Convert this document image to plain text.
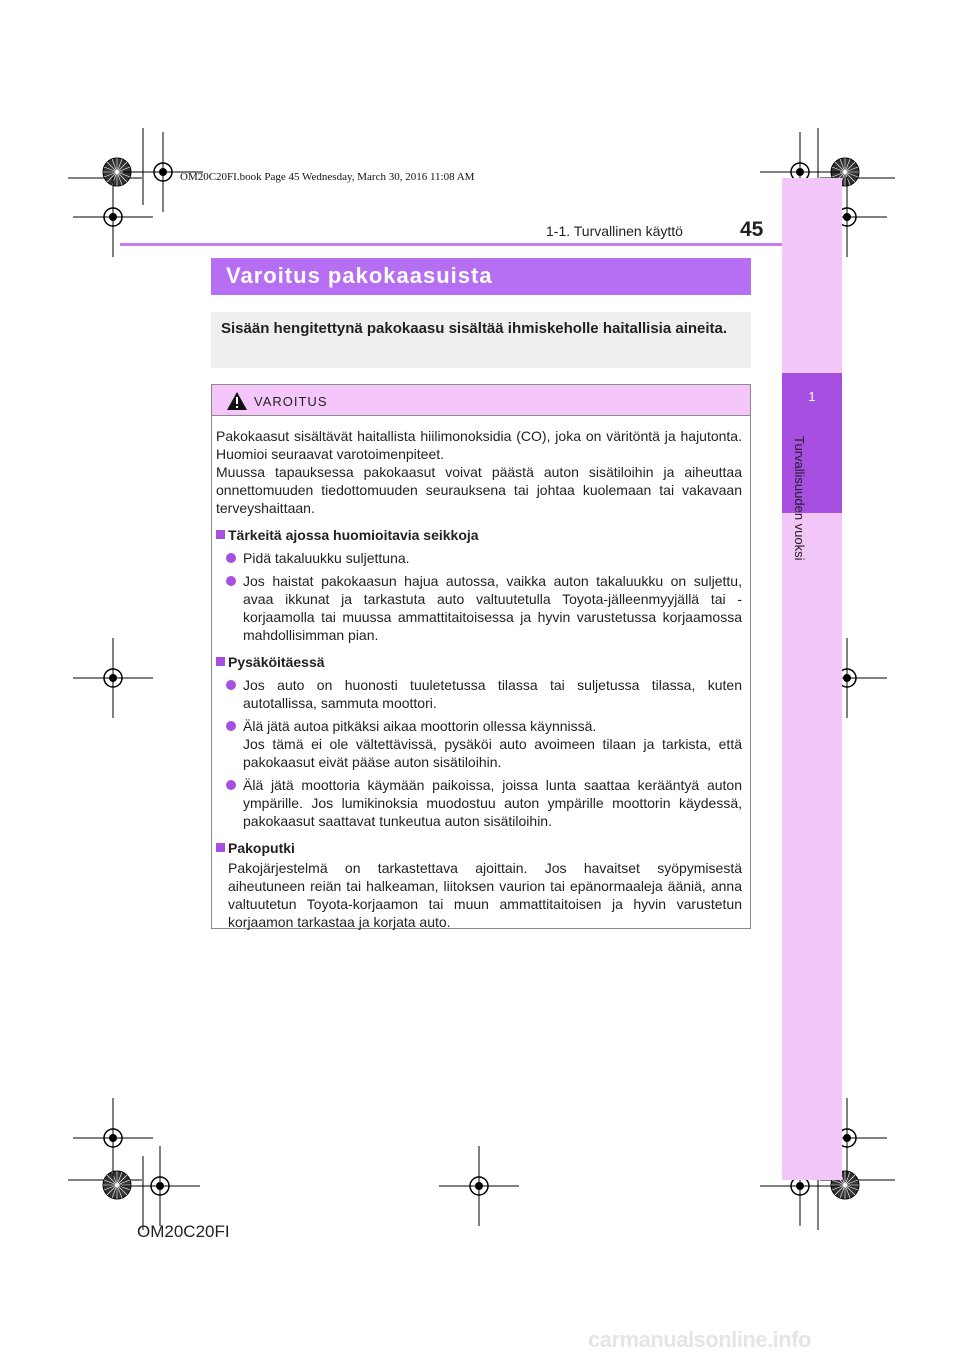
OM20C20FI.book Page 45 Wednesday, March 30, 2016 11:08 AM
1
Turvallisuuden vuoksi
1-1. Turvallinen käyttö	45
Varoitus pakokaasuista
Sisään hengitettynä pakokaasu sisältää ihmiskeholle haitallisia aineita.
VAROITUS

Pakokaasut sisältävät haitallista hiilimonoksidia (CO), joka on väritöntä ja hajutonta. Huomioi seuraavat varotoimenpiteet.

Muussa tapauksessa pakokaasut voivat päästä auton sisätiloihin ja aiheuttaa onnettomuuden tiedottomuuden seurauksena tai johtaa kuolemaan tai vakavaan terveyshaittaan.

Tärkeitä ajossa huomioitavia seikkoja
Pidä takaluukku suljettuna.
Jos haistat pakokaasun hajua autossa, vaikka auton takaluukku on suljettu, avaa ikkunat ja tarkastuta auto valtuutetulla Toyota-jälleenmyyjällä tai -korjaamolla tai muussa ammattitaitoisessa ja hyvin varustetussa korjaamossa mahdollisimman pian.
Pysäköitäessä
Jos auto on huonosti tuuletetussa tilassa tai suljetussa tilassa, kuten autotallissa, sammuta moottori.
Älä jätä autoa pitkäksi aikaa moottorin ollessa käynnissä.
Jos tämä ei ole vältettävissä, pysäköi auto avoimeen tilaan ja tarkista, että pakokaasut eivät pääse auton sisätiloihin.
Älä jätä moottoria käymään paikoissa, joissa lunta saattaa kerääntyä auton ympärille. Jos lumikinoksia muodostuu auton ympärille moottorin käydessä, pakokaasut saattavat tunkeutua auton sisätiloihin.
Pakoputki

Pakojärjestelmä on tarkastettava ajoittain. Jos havaitset syöpymisestä aiheutuneen reiän tai halkeaman, liitoksen vaurion tai epänormaaleja ääniä, anna valtuutetun Toyota-korjaamon tai muun ammattitaitoisen ja hyvin varustetun korjaamon tarkastaa ja korjata auto.

OM20C20FI
carmanualsonline.info
